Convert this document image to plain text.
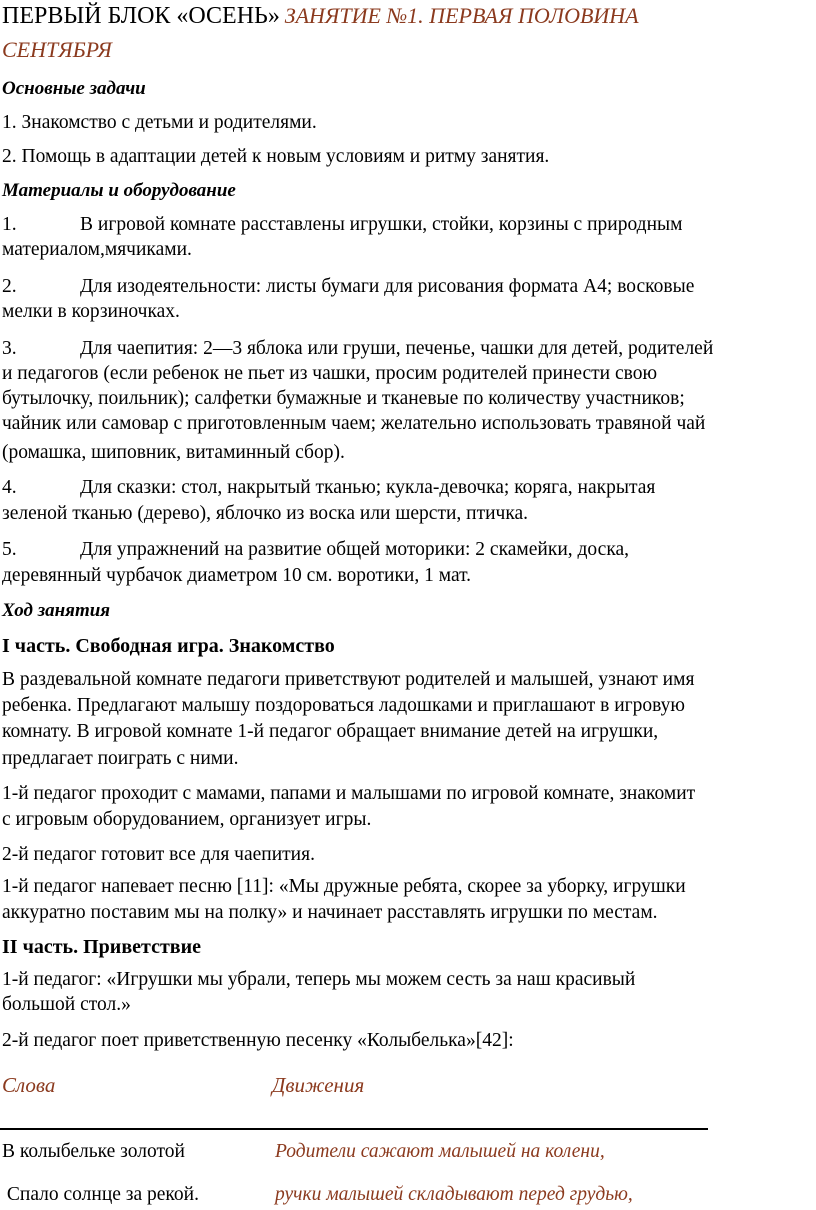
ПЕРВЫЙ БЛОК «ОСЕНЬ» ЗАНЯТИЕ №1. ПЕРВАЯ ПОЛОВИНА
СЕНТЯБРЯ
Основные задачи
1. Знакомство с детьми и родителями.
2. Помощь в адаптации детей к новым условиям и ритму занятия.
Материалы и оборудование
1.	В игровой комнате расставлены игрушки, стойки, корзины с природным
материалом,мячиками.
2.	Для изодеятельности: листы бумаги для рисования формата А4; восковые
мелки в корзиночках.
3.	Для чаепития: 2—3 яблока или груши, печенье, чашки для детей, родителей
и педагогов (если ребенок не пьет из чашки, просим родителей принести свою
бутылочку, поильник); салфетки бумажные и тканевые по количеству участников;
чайник или самовар с приготовленным чаем; желательно использовать травяной чай
(ромашка, шиповник, витаминный сбор).
4.	Для сказки: стол, накрытый тканью; кукла-девочка; коряга, накрытая
зеленой тканью (дерево), яблочко из воска или шерсти, птичка.
5.	Для упражнений на развитие общей моторики: 2 скамейки, доска,
деревянный чурбачок диаметром 10 см. воротики, 1 мат.
Ход занятия
I часть. Свободная игра. Знакомство
В раздевальной комнате педагоги приветствуют родителей и малышей, узнают имя
ребенка. Предлагают малышу поздороваться ладошками и приглашают в игровую
комнату. В игровой комнате 1-й педагог обращает внимание детей на игрушки,
предлагает поиграть с ними.
1-й педагог проходит с мамами, папами и малышами по игровой комнате, знакомит
с игровым оборудованием, организует игры.
2-й педагог готовит все для чаепития.
1-й педагог напевает песню [11]: «Мы дружные ребята, скорее за уборку, игрушки
аккуратно поставим мы на полку» и начинает расставлять игрушки по местам.
II часть. Приветствие
1-й педагог: «Игрушки мы убрали, теперь мы можем сесть за наш красивый
большой стол.»
2-й педагог поет приветственную песенку «Колыбелька»[42]:
Слова	Движения
В колыбельке золотой	Родители сажают малышей на колени,
Спало солнце за рекой.	ручки малышей складывают перед грудью,
